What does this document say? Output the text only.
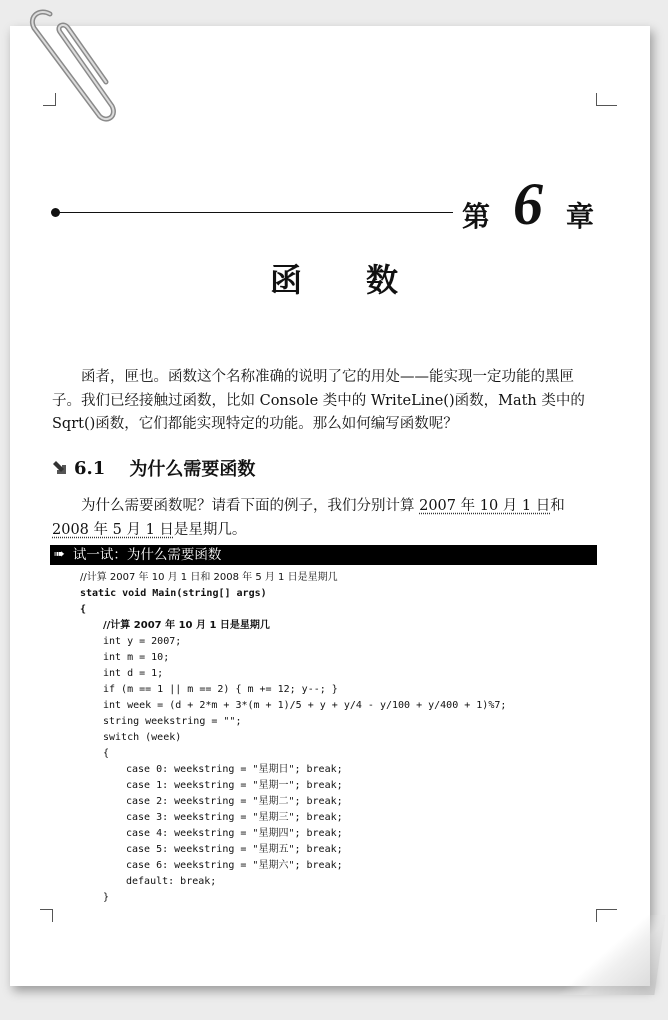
第 6 章
函数
函者，匣也。函数这个名称准确的说明了它的用处——能实现一定功能的黑匣子。我们已经接触过函数，比如 Console 类中的 WriteLine()函数，Math 类中的 Sqrt()函数，它们都能实现特定的功能。那么如何编写函数呢？
6.1 为什么需要函数
为什么需要函数呢？请看下面的例子，我们分别计算 2007 年 10 月 1 日和 2008 年 5 月 1 日是星期几。
➠ 试一试：为什么需要函数
//计算 2007 年 10 月 1 日和 2008 年 5 月 1 日是星期几
static void Main(string[] args)
{
//计算 2007 年 10 月 1 日是星期几
int y = 2007;
int m = 10;
int d = 1;
if (m == 1 || m == 2) { m += 12; y--; }
int week = (d + 2*m + 3*(m + 1)/5 + y + y/4 - y/100 + y/400 + 1)%7;
string weekstring = "";
switch (week)
{
case 0: weekstring = "星期日"; break;
case 1: weekstring = "星期一"; break;
case 2: weekstring = "星期二"; break;
case 3: weekstring = "星期三"; break;
case 4: weekstring = "星期四"; break;
case 5: weekstring = "星期五"; break;
case 6: weekstring = "星期六"; break;
default: break;
}
